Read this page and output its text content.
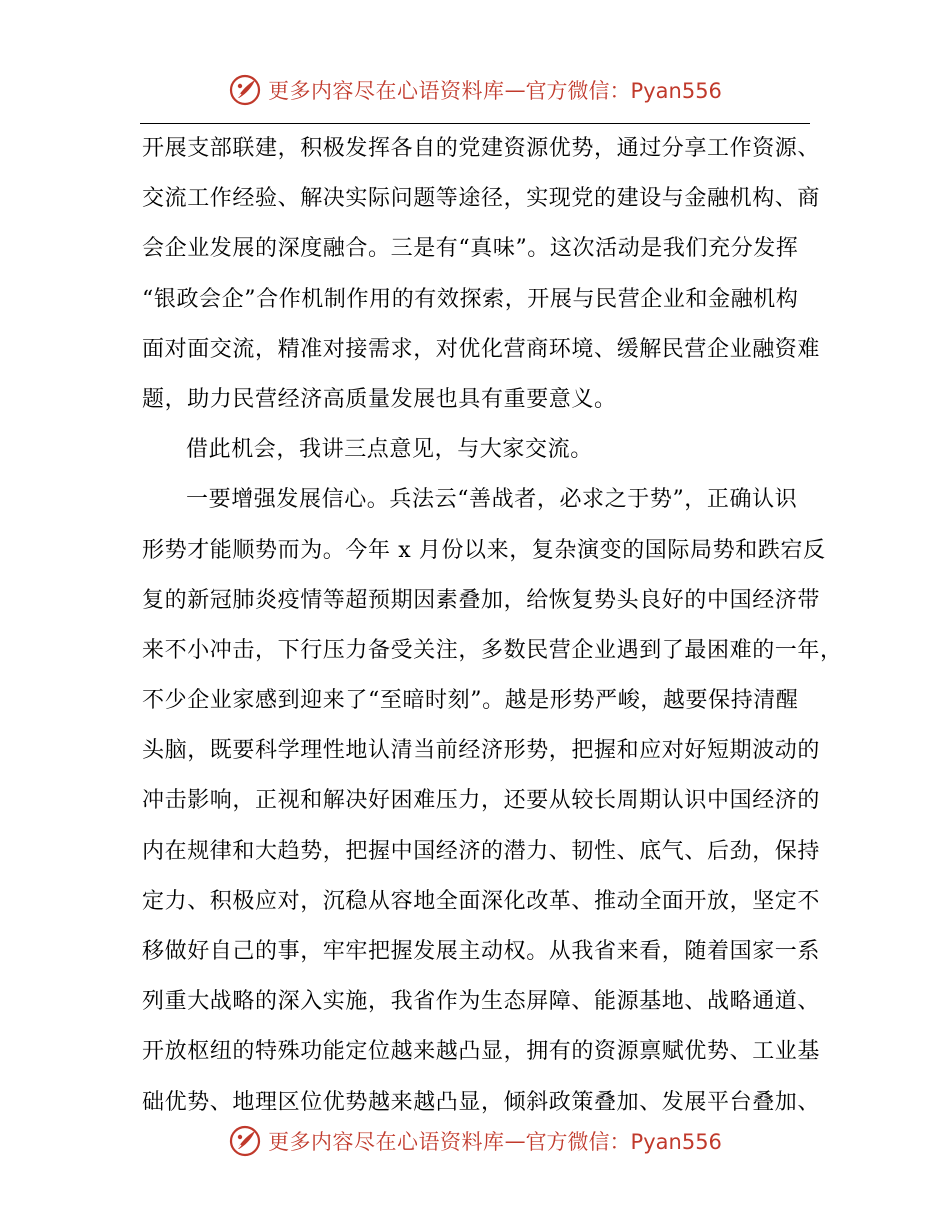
更多内容尽在心语资料库 — 官方微信：Pyan556
开展支部联建，积极发挥各自的党建资源优势，通过分享工作资源、
交流工作经验、解决实际问题等途径，实现党的建设与金融机构、商
会企业发展的深度融合。三是有“真味”。这次活动是我们充分发挥
“银政会企”合作机制作用的有效探索，开展与民营企业和金融机构
面对面交流，精准对接需求，对优化营商环境、缓解民营企业融资难
题，助力民营经济高质量发展也具有重要意义。
借此机会，我讲三点意见，与大家交流。
一要增强发展信心。兵法云“善战者，必求之于势”，正确认识
形势才能顺势而为。今年 x 月份以来，复杂演变的国际局势和跌宕反
复的新冠肺炎疫情等超预期因素叠加，给恢复势头良好的中国经济带
来不小冲击，下行压力备受关注，多数民营企业遇到了最困难的一年，
不少企业家感到迎来了“至暗时刻”。越是形势严峻，越要保持清醒
头脑，既要科学理性地认清当前经济形势，把握和应对好短期波动的
冲击影响，正视和解决好困难压力，还要从较长周期认识中国经济的
内在规律和大趋势，把握中国经济的潜力、韧性、底气、后劲，保持
定力、积极应对，沉稳从容地全面深化改革、推动全面开放，坚定不
移做好自己的事，牢牢把握发展主动权。从我省来看，随着国家一系
列重大战略的深入实施，我省作为生态屏障、能源基地、战略通道、
开放枢纽的特殊功能定位越来越凸显，拥有的资源禀赋优势、工业基
础优势、地理区位优势越来越凸显，倾斜政策叠加、发展平台叠加、
更多内容尽在心语资料库 — 官方微信：Pyan556
